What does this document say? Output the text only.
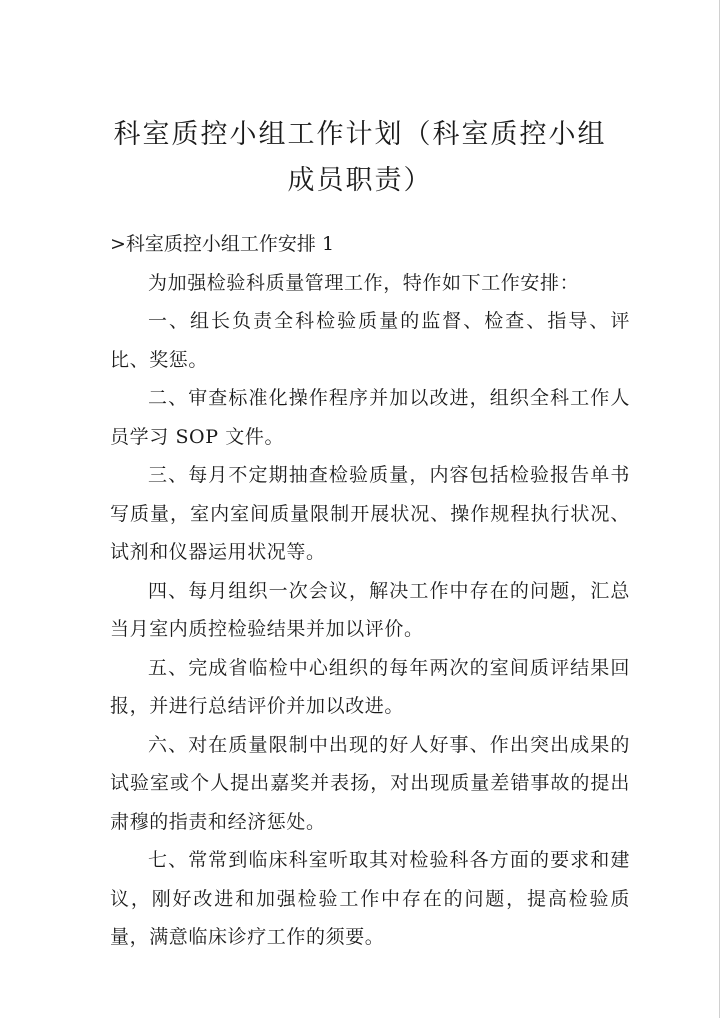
科室质控小组工作计划（科室质控小组成员职责）
>科室质控小组工作安排 1

为加强检验科质量管理工作，特作如下工作安排：

一、组长负责全科检验质量的监督、检查、指导、评比、奖惩。

二、审查标准化操作程序并加以改进，组织全科工作人员学习 SOP 文件。

三、每月不定期抽查检验质量，内容包括检验报告单书写质量，室内室间质量限制开展状况、操作规程执行状况、试剂和仪器运用状况等。

四、每月组织一次会议，解决工作中存在的问题，汇总当月室内质控检验结果并加以评价。

五、完成省临检中心组织的每年两次的室间质评结果回报，并进行总结评价并加以改进。

六、对在质量限制中出现的好人好事、作出突出成果的试验室或个人提出嘉奖并表扬，对出现质量差错事故的提出肃穆的指责和经济惩处。

七、常常到临床科室听取其对检验科各方面的要求和建议，刚好改进和加强检验工作中存在的问题，提高检验质量，满意临床诊疗工作的须要。
